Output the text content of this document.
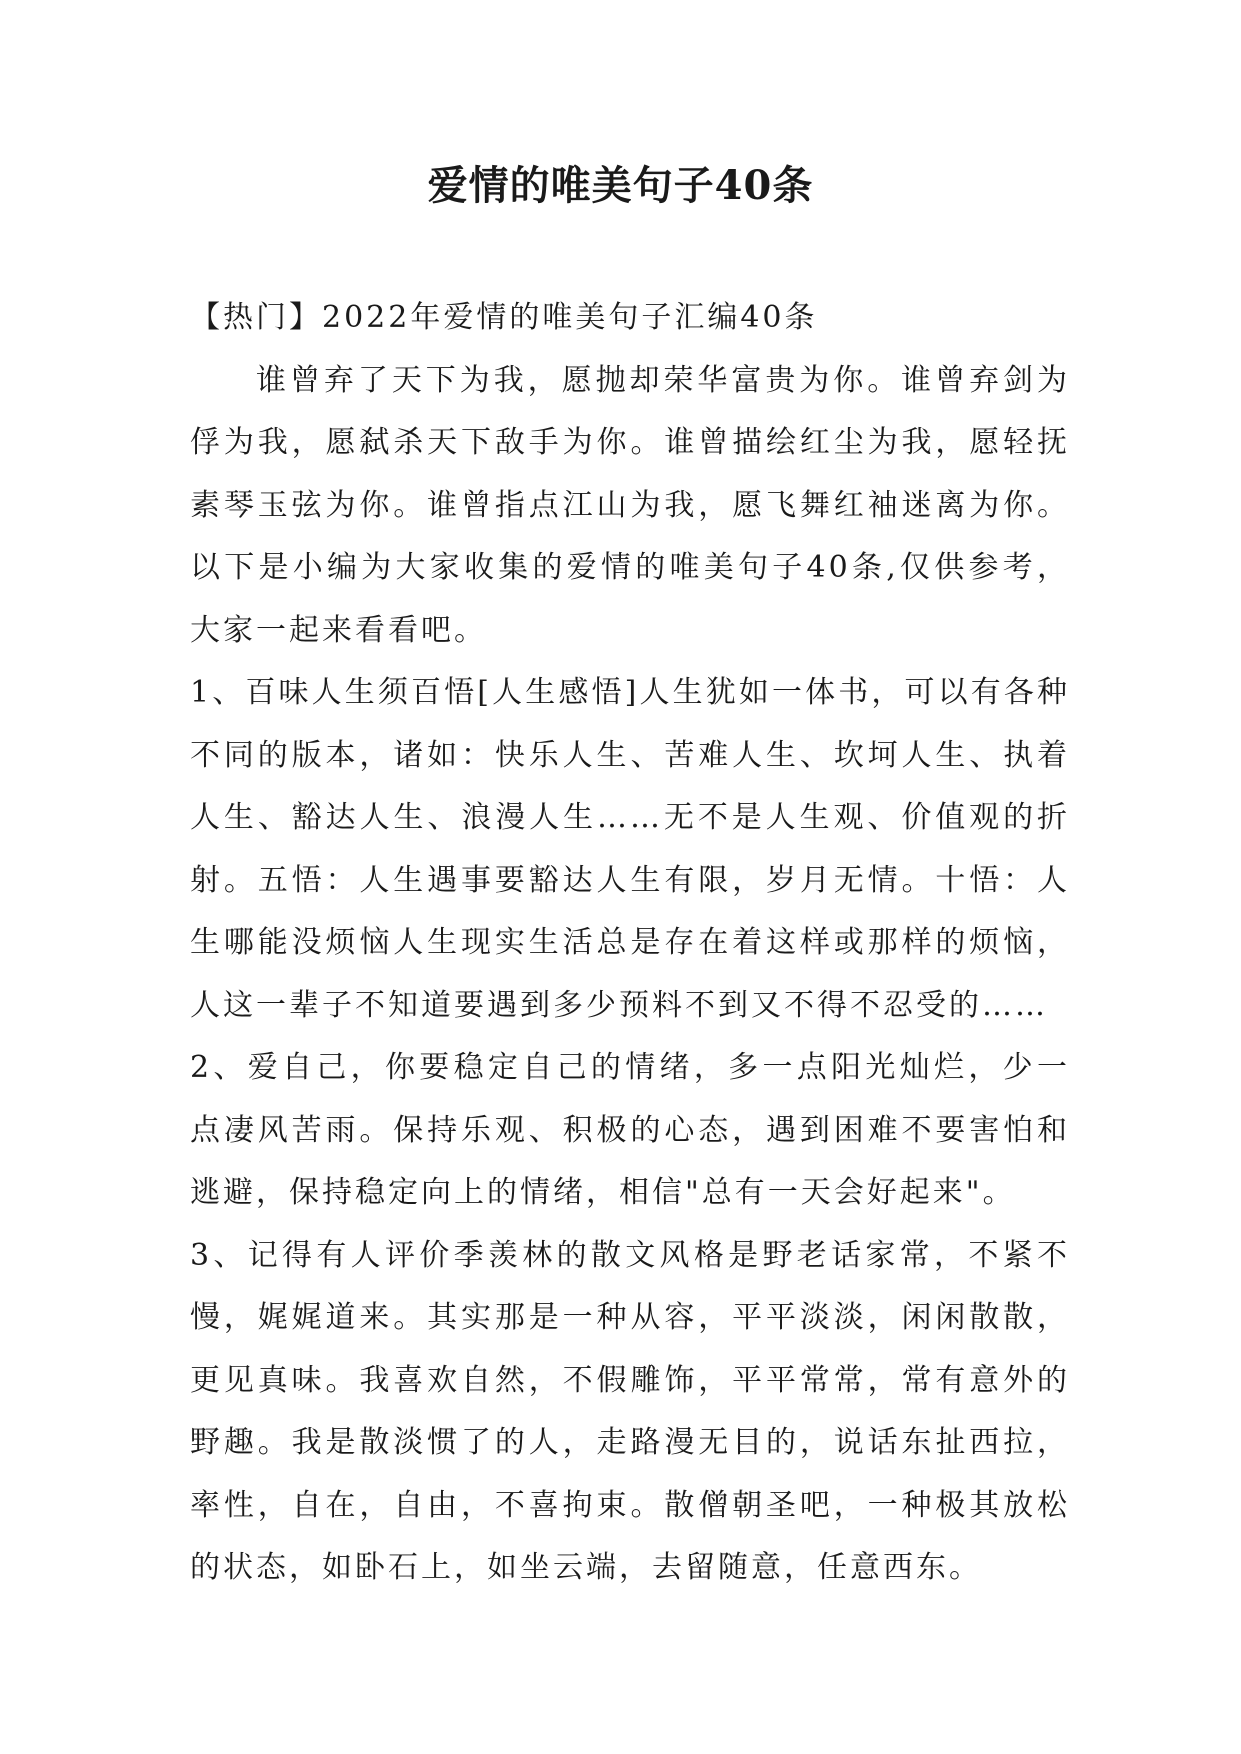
爱情的唯美句子40条

【热门】2022年爱情的唯美句子汇编40条

谁曾弃了天下为我，愿抛却荣华富贵为你。谁曾弃剑为俘为我，愿弑杀天下敌手为你。谁曾描绘红尘为我，愿轻抚素琴玉弦为你。谁曾指点江山为我，愿飞舞红袖迷离为你。以下是小编为大家收集的爱情的唯美句子40条,仅供参考，大家一起来看看吧。

1、百味人生须百悟[人生感悟]人生犹如一体书，可以有各种不同的版本，诸如：快乐人生、苦难人生、坎坷人生、执着人生、豁达人生、浪漫人生……无不是人生观、价值观的折射。五悟：人生遇事要豁达人生有限，岁月无情。十悟：人生哪能没烦恼人生现实生活总是存在着这样或那样的烦恼，人这一辈子不知道要遇到多少预料不到又不得不忍受的……

2、爱自己，你要稳定自己的情绪，多一点阳光灿烂，少一点凄风苦雨。保持乐观、积极的心态，遇到困难不要害怕和逃避，保持稳定向上的情绪，相信"总有一天会好起来"。

3、记得有人评价季羡林的散文风格是野老话家常，不紧不慢，娓娓道来。其实那是一种从容，平平淡淡，闲闲散散，更见真味。我喜欢自然，不假雕饰，平平常常，常有意外的野趣。我是散淡惯了的人，走路漫无目的，说话东扯西拉，率性，自在，自由，不喜拘束。散僧朝圣吧，一种极其放松的状态，如卧石上，如坐云端，去留随意，任意西东。
